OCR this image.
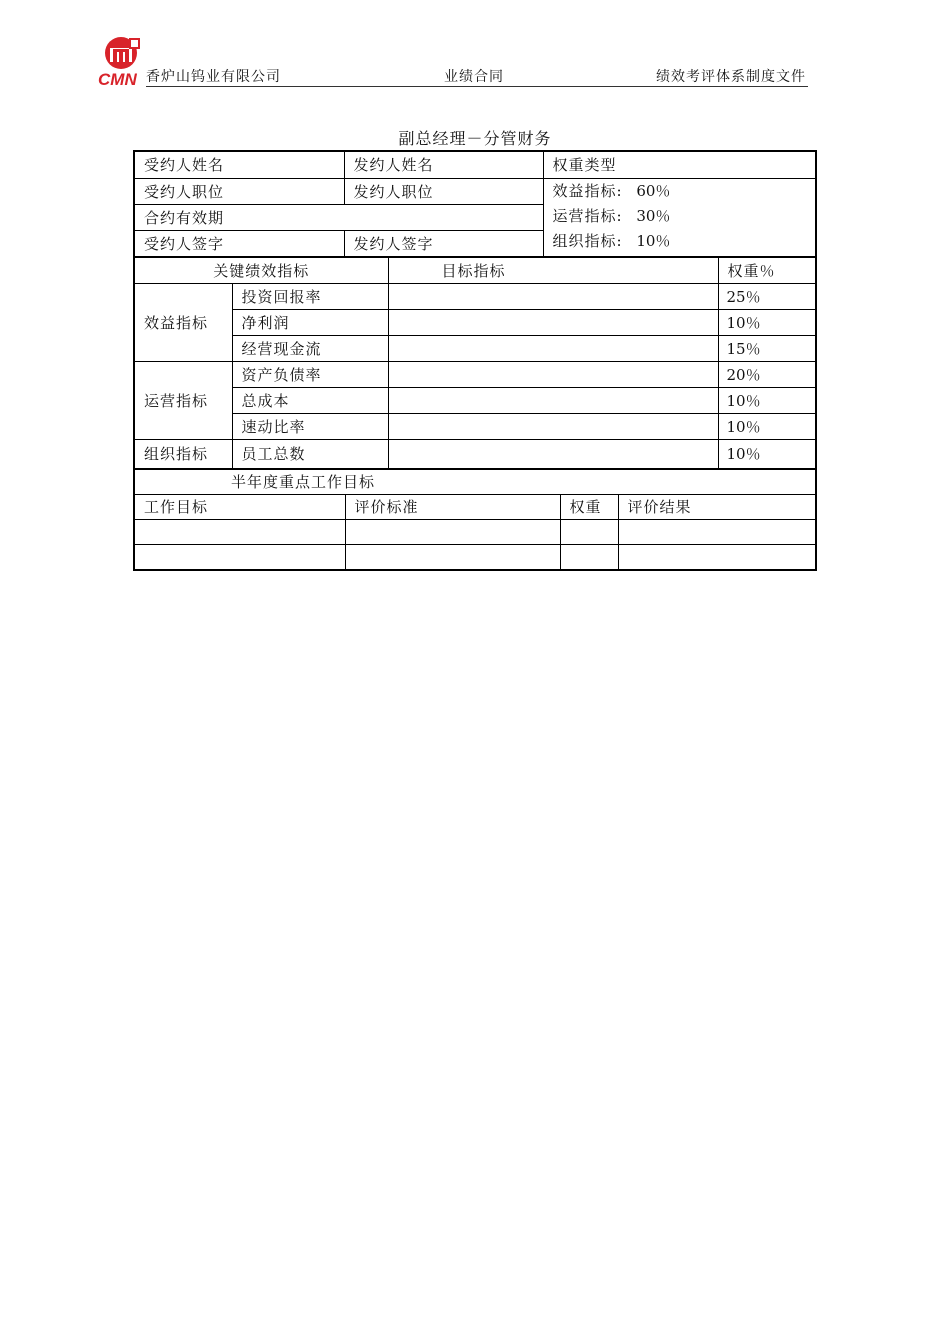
CMN 香炉山钨业有限公司	业绩合同	绩效考评体系制度文件
副总经理－分管财务
受约人姓名	发约人姓名	权重类型
受约人职位	发约人职位	效益指标: 60％
运营指标: 30％
组织指标: 10％

合约有效期		
受约人签字	发约人签字	
关键绩效指标		目标指标	权重％
效益指标	投资回报率		25％
	净利润		10％
	经营现金流		15％
运营指标	资产负债率		20％
	总成本		10％
	速动比率		10％
组织指标	员工总数		10％
半年度重点工作目标			
工作目标	评价标准	权重	评价结果
